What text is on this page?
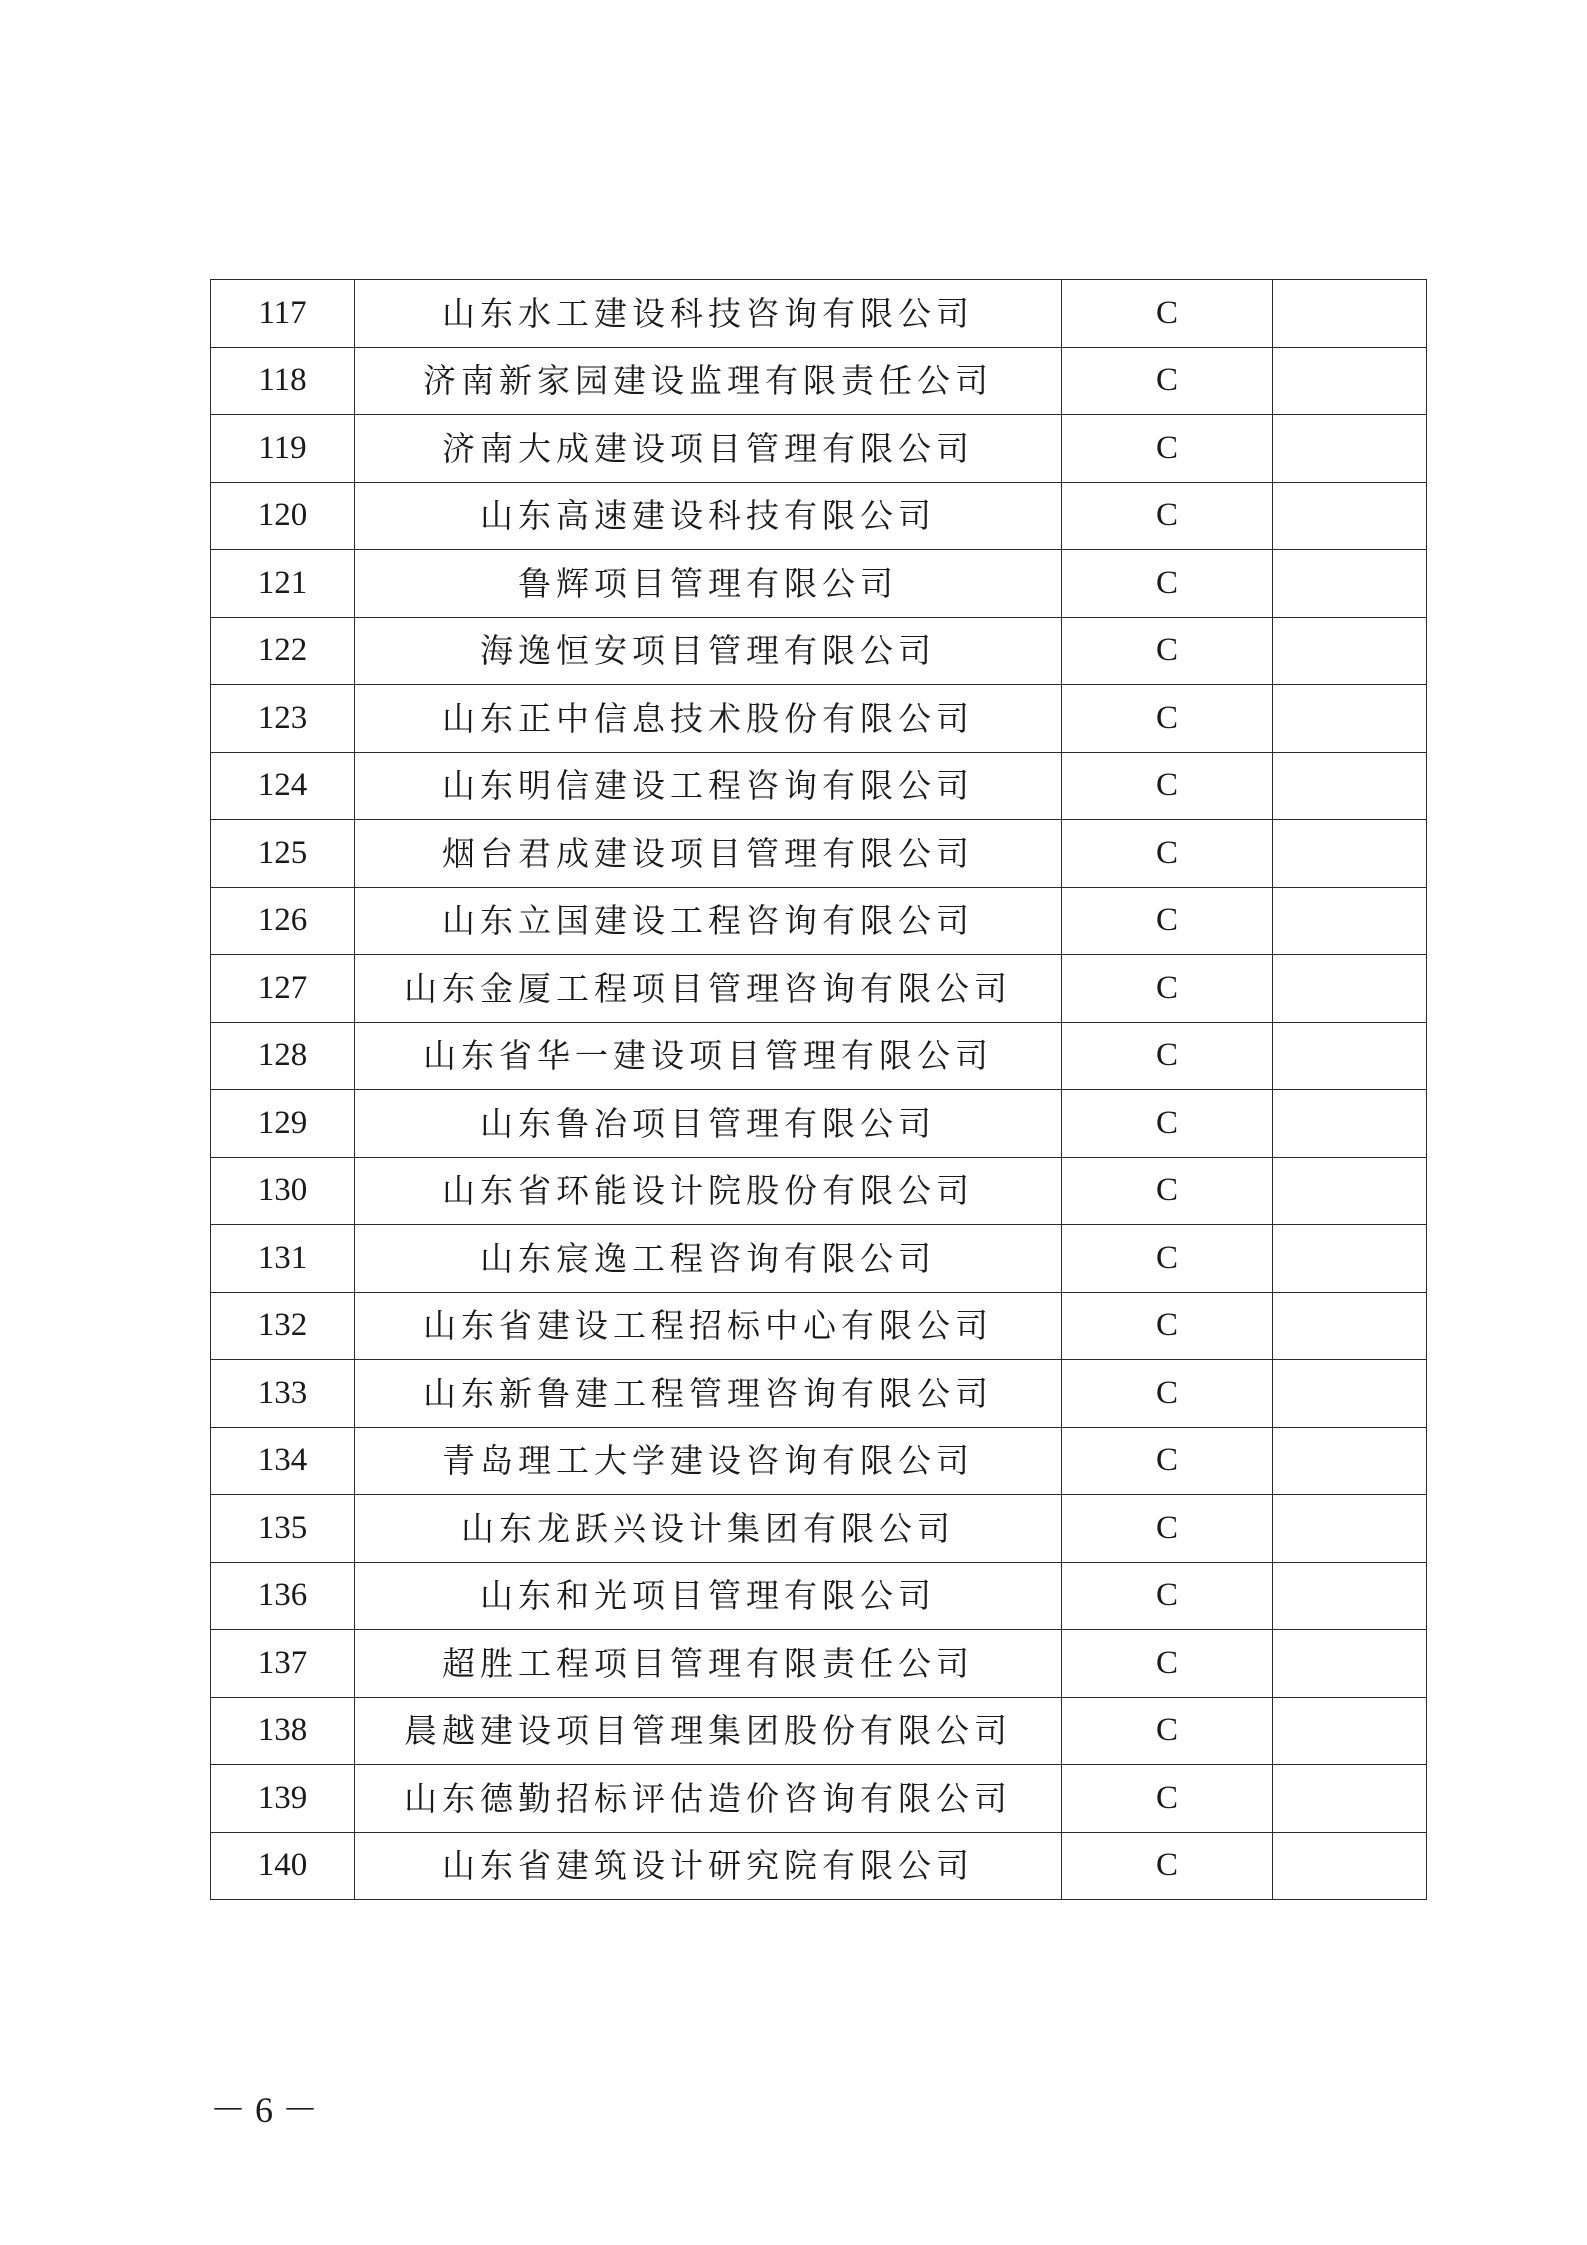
117	山东水工建设科技咨询有限公司	C	
118	济南新家园建设监理有限责任公司	C	
119	济南大成建设项目管理有限公司	C	
120	山东高速建设科技有限公司	C	
121	鲁辉项目管理有限公司	C	
122	海逸恒安项目管理有限公司	C	
123	山东正中信息技术股份有限公司	C	
124	山东明信建设工程咨询有限公司	C	
125	烟台君成建设项目管理有限公司	C	
126	山东立国建设工程咨询有限公司	C	
127	山东金厦工程项目管理咨询有限公司	C	
128	山东省华一建设项目管理有限公司	C	
129	山东鲁冶项目管理有限公司	C	
130	山东省环能设计院股份有限公司	C	
131	山东宸逸工程咨询有限公司	C	
132	山东省建设工程招标中心有限公司	C	
133	山东新鲁建工程管理咨询有限公司	C	
134	青岛理工大学建设咨询有限公司	C	
135	山东龙跃兴设计集团有限公司	C	
136	山东和光项目管理有限公司	C	
137	超胜工程项目管理有限责任公司	C	
138	晨越建设项目管理集团股份有限公司	C	
139	山东德勤招标评估造价咨询有限公司	C	
140	山东省建筑设计研究院有限公司	C	
－ 6 －
